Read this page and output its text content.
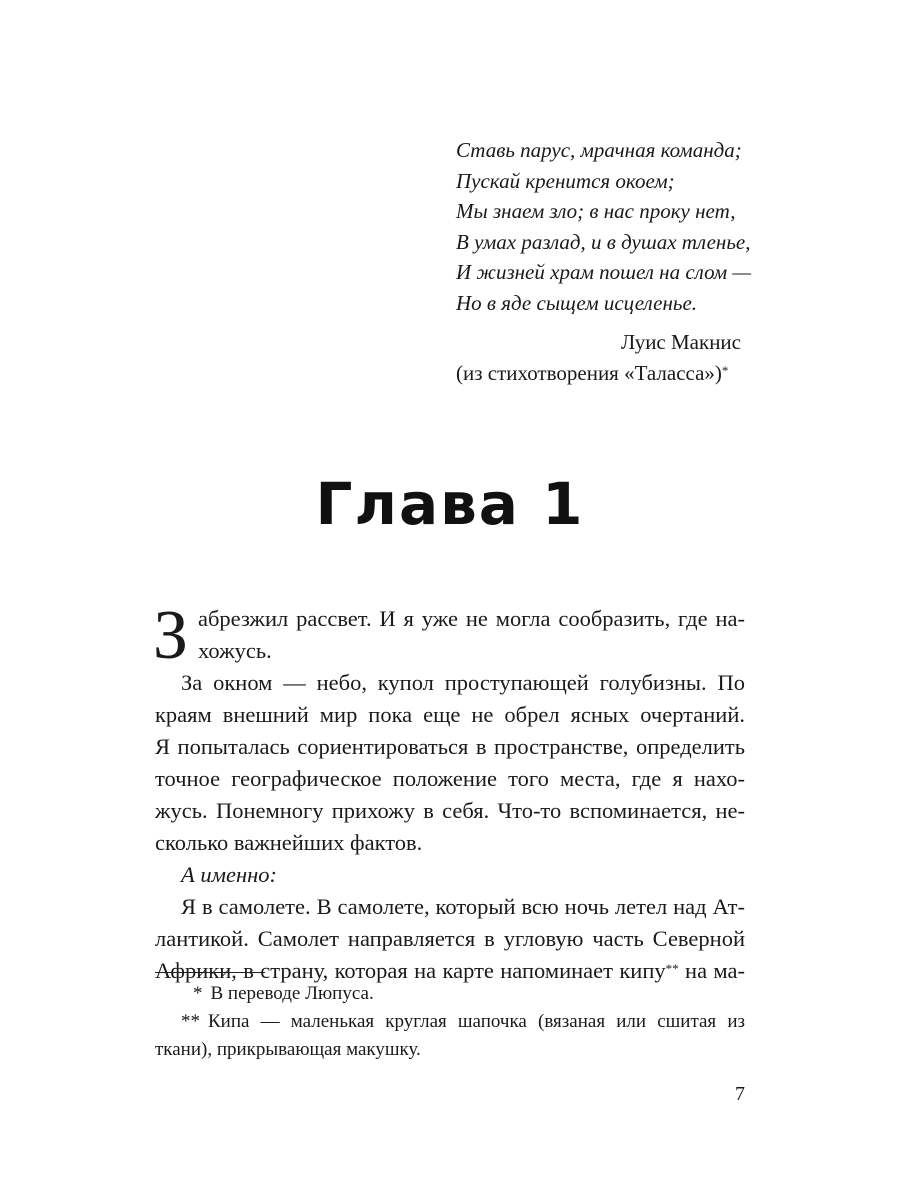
Ставь парус, мрачная команда;
Пускай кренится окоем;
Мы знаем зло; в нас проку нет,
В умах разлад, и в душах тленье,
И жизней храм пошел на слом —
Но в яде сыщем исцеленье.
Луис Макнис
(из стихотворения «Таласса»)*
Глава 1
З абрезжил рассвет. И я уже не могла сообразить, где на-
хожусь.
За окном — небо, купол проступающей голубизны. По
краям внешний мир пока еще не обрел ясных очертаний.
Я попыталась сориентироваться в пространстве, определить
точное географическое положение того места, где я нахо-
жусь. Понемногу прихожу в себя. Что-то вспоминается, не-
сколько важнейших фактов.
А именно:
Я в самолете. В самолете, который всю ночь летел над Ат-
лантикой. Самолет направляется в угловую часть Северной
Африки, в страну, которая на карте напоминает кипу** на ма-
* В переводе Люпуса.
** Кипа — маленькая круглая шапочка (вязаная или сшитая из
ткани), прикрывающая макушку.
7
